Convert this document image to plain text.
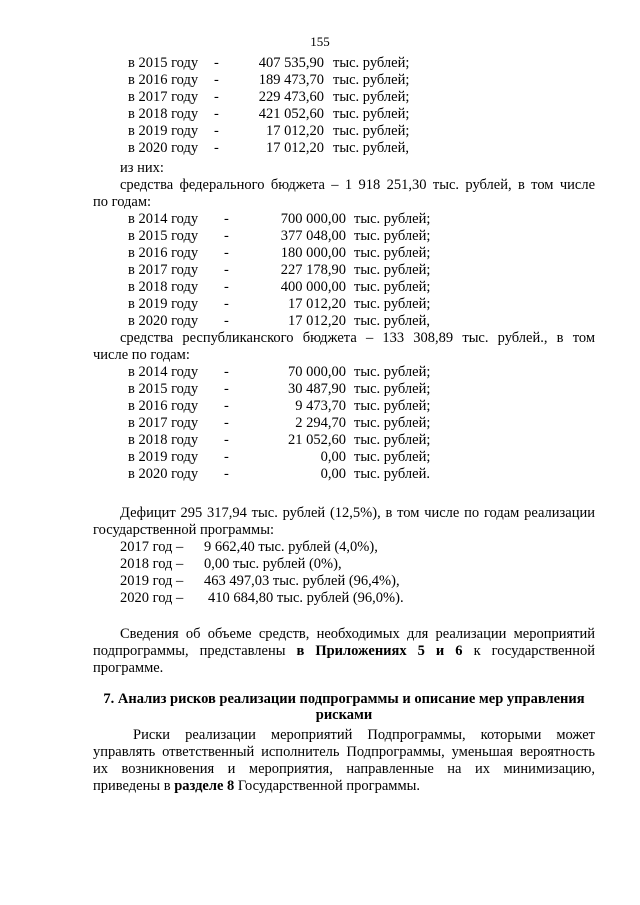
155
в 2015 году -	407 535,90 тыс. рублей;
в 2016 году -	189 473,70 тыс. рублей;
в 2017 году -	229 473,60 тыс. рублей;
в 2018 году -	421 052,60 тыс. рублей;
в 2019 году -	17 012,20 тыс. рублей;
в 2020 году -	17 012,20 тыс. рублей,
из них:
средства федерального бюджета – 1 918 251,30 тыс. рублей, в том числе
по годам:
в 2014 году -	700 000,00 тыс. рублей;
в 2015 году -	377 048,00 тыс. рублей;
в 2016 году -	180 000,00 тыс. рублей;
в 2017 году -	227 178,90 тыс. рублей;
в 2018 году -	400 000,00 тыс. рублей;
в 2019 году -	17 012,20 тыс. рублей;
в 2020 году -	17 012,20 тыс. рублей,
средства республиканского бюджета – 133 308,89 тыс. рублей., в том
числе по годам:
в 2014 году -	70 000,00 тыс. рублей;
в 2015 году -	30 487,90 тыс. рублей;
в 2016 году -	9 473,70 тыс. рублей;
в 2017 году -	2 294,70 тыс. рублей;
в 2018 году -	21 052,60 тыс. рублей;
в 2019 году -	0,00 тыс. рублей;
в 2020 году -	0,00 тыс. рублей.
Дефицит 295 317,94 тыс. рублей (12,5%), в том числе по годам реализации
государственной программы:
2017 год – 9 662,40 тыс. рублей (4,0%),
2018 год – 0,00 тыс. рублей (0%),
2019 год – 463 497,03 тыс. рублей (96,4%),
2020 год – 410 684,80 тыс. рублей (96,0%).
Сведения об объеме средств, необходимых для реализации мероприятий
подпрограммы, представлены в Приложениях 5 и 6 к государственной
программе.
7. Анализ рисков реализации подпрограммы и описание мер управления
рисками
Риски реализации мероприятий Подпрограммы, которыми может
управлять ответственный исполнитель Подпрограммы, уменьшая вероятность
их возникновения и мероприятия, направленные на их минимизацию,
приведены в разделе 8 Государственной программы.
